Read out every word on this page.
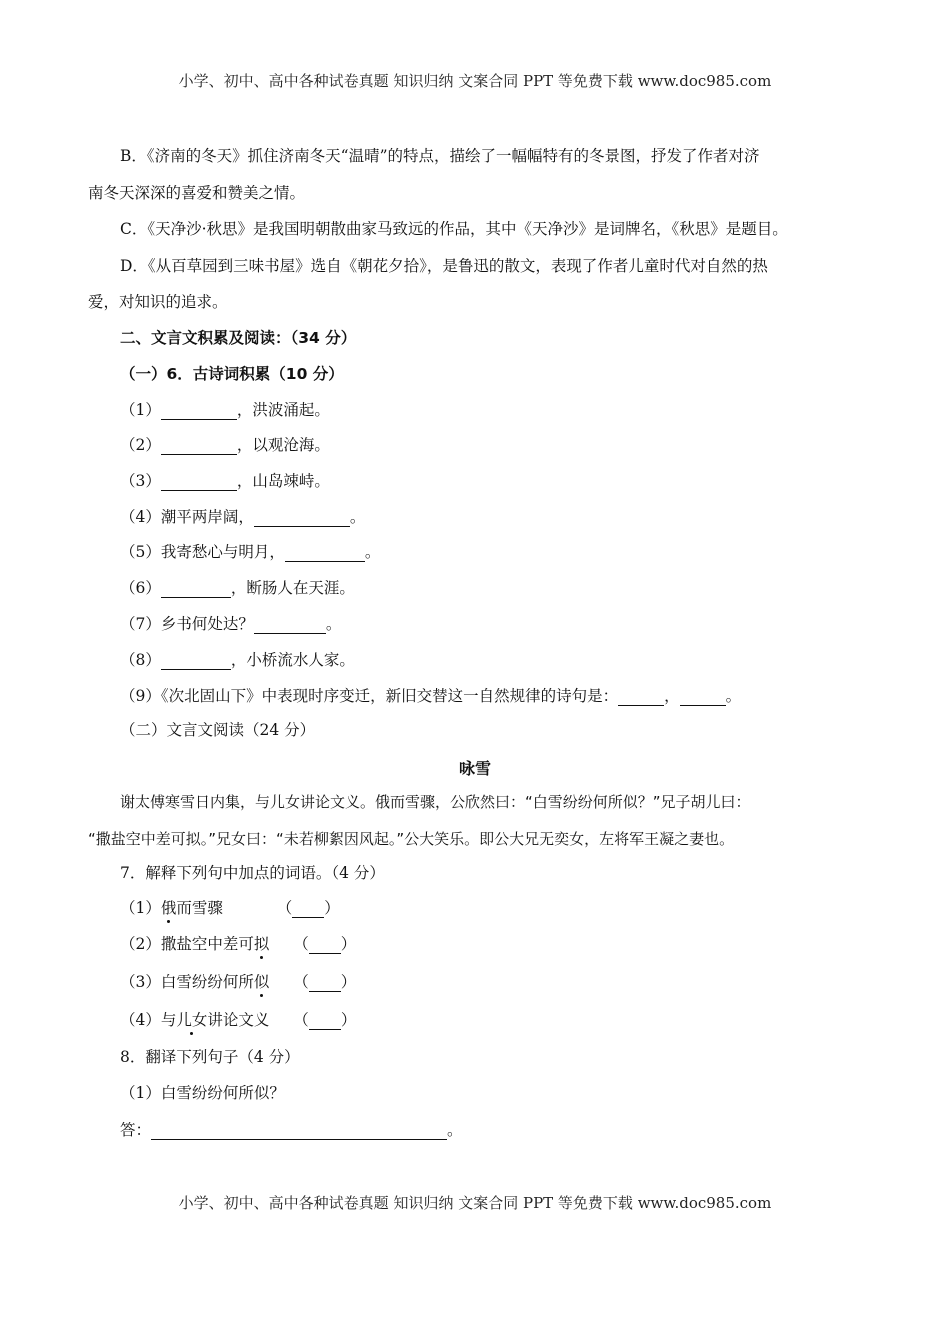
小学、初中、高中各种试卷真题 知识归纳 文案合同 PPT 等免费下载 www.doc985.com
B．《济南的冬天》抓住济南冬天“温晴”的特点，描绘了一幅幅特有的冬景图，抒发了作者对济
南冬天深深的喜爱和赞美之情。
C．《天净沙·秋思》是我国明朝散曲家马致远的作品，其中《天净沙》是词牌名，《秋思》是题目。
D．《从百草园到三味书屋》选自《朝花夕拾》，是鲁迅的散文，表现了作者儿童时代对自然的热
爱，对知识的追求。
二、文言文积累及阅读：（34 分）
（一）6．古诗词积累（10 分）
（1）	，洪波涌起。
（2）	，以观沧海。
（3）	，山岛竦峙。
（4）潮平两岸阔，	。
（5）我寄愁心与明月，	。
（6）	，断肠人在天涯。
（7）乡书何处达？	。
（8）	，小桥流水人家。
（9）《次北固山下》中表现时序变迁，新旧交替这一自然规律的诗句是：	，	。
（二）文言文阅读（24 分）
咏雪
谢太傅寒雪日内集，与儿女讲论文义。俄而雪骤，公欣然曰：“白雪纷纷何所似？”兄子胡儿曰：
“撒盐空中差可拟。”兄女曰：“未若柳絮因风起。”公大笑乐。即公大兄无奕女，左将军王凝之妻也。
7．解释下列句中加点的词语。（4 分）
（1）俄而雪骤	（ ）
（2）撒盐空中差可拟 （ ）
（3）白雪纷纷何所似 （ ）
（4）与儿女讲论文义 （ ）
8．翻译下列句子（4 分）
（1）白雪纷纷何所似？
答：	。
小学、初中、高中各种试卷真题 知识归纳 文案合同 PPT 等免费下载 www.doc985.com
